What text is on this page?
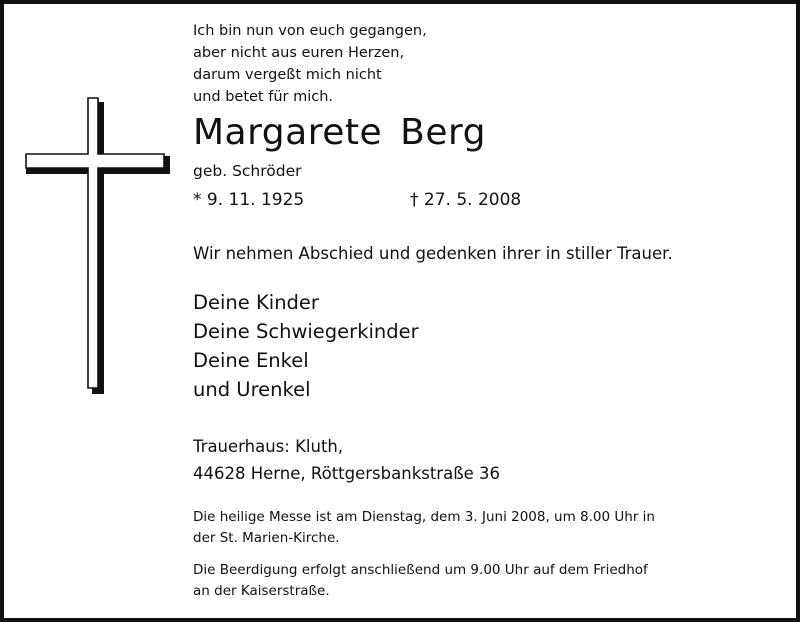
Ich bin nun von euch gegangen,
aber nicht aus euren Herzen,
darum vergeßt mich nicht
und betet für mich.
Margarete Berg
geb. Schröder
* 9. 11. 1925	† 27. 5. 2008
Wir nehmen Abschied und gedenken ihrer in stiller Trauer.
Deine Kinder
Deine Schwiegerkinder
Deine Enkel
und Urenkel
Trauerhaus: Kluth,
44628 Herne, Röttgersbankstraße 36
Die heilige Messe ist am Dienstag, dem 3. Juni 2008, um 8.00 Uhr in
der St. Marien-Kirche.
Die Beerdigung erfolgt anschließend um 9.00 Uhr auf dem Friedhof
an der Kaiserstraße.
